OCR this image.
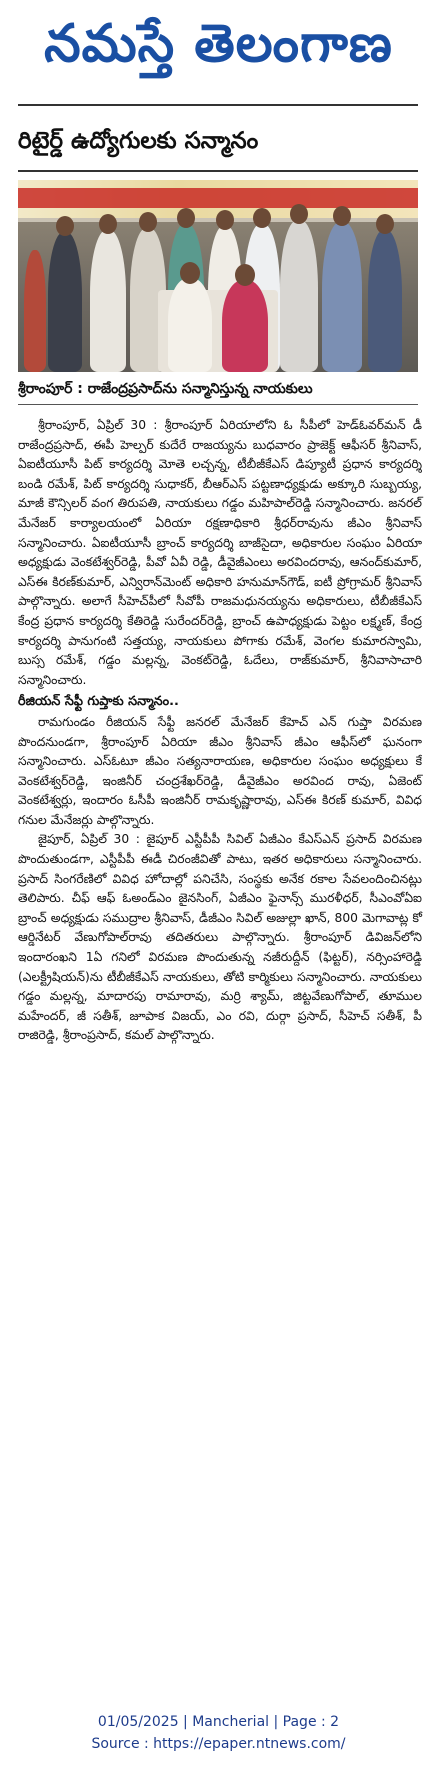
నమస్తే తెలంగాణ
రిటైర్డ్ ఉద్యోగులకు సన్మానం
శ్రీరాంపూర్ : రాజేంద్రప్రసాద్‌ను సన్మానిస్తున్న నాయకులు

శ్రీరాంపూర్, ఏప్రిల్ 30 : శ్రీరాంపూర్ ఏరియాలోని ఓ సీపీలో హెడ్‌ఓవర్‌మన్ డీ రాజేంద్రప్రసాద్, ఈపీ హెల్పర్ కుదేరే రాజయ్యను బుధవారం ప్రాజెక్ట్ ఆఫీసర్ శ్రీనివాస్, ఏఐటీయూసీ పిట్ కార్యదర్శి మోతె లచ్చన్న, టీబీజీకేఎస్ డిప్యూటీ ప్రధాన కార్యదర్శి బండి రమేశ్, పిట్ కార్యదర్శి సుధాకర్, బీఆర్‌ఎస్ పట్టణాధ్యక్షుడు అక్కూరి సుబ్బయ్య, మాజీ కౌన్సిలర్ వంగ తిరుపతి, నాయకులు గడ్డం మహిపాల్‌రెడ్డి సన్మానించారు. జనరల్ మేనేజర్ కార్యాలయంలో ఏరియా రక్షణాధికారి శ్రీధర్‌రావును జీఎం శ్రీనివాస్ సన్మానించారు. ఏఐటీయూసీ బ్రాంచ్ కార్యదర్శి బాజీసైదా, అధికారుల సంఘం ఏరియా అధ్యక్షుడు వెంకటేశ్వర్‌రెడ్డి, పీవో ఏవీ రెడ్డి, డీవైజీఎంలు అరవిందరావు, ఆనంద్‌కుమార్, ఎస్‌ఈ కిరణ్‌కుమార్, ఎన్విరాన్‌మెంట్ అధికారి హనుమాన్‌గౌడ్, ఐటీ ప్రోగ్రామర్ శ్రీనివాస్ పాల్గొన్నారు. అలాగే సీహెచ్‌పీలో సీవోపీ రాజమధునయ్యను అధికారులు, టీబీజీకేఎస్ కేంద్ర ప్రధాన కార్యదర్శి కేతిరెడ్డి సురేందర్‌రెడ్డి, బ్రాంచ్ ఉపాధ్యక్షుడు పెట్టం లక్ష్మణ్, కేంద్ర కార్యదర్శి పానుగంటి సత్తయ్య, నాయకులు పోగాకు రమేశ్, వెంగల కుమారస్వామి, బుస్స రమేశ్, గడ్డం మల్లన్న, వెంకట్‌రెడ్డి, ఓదేలు, రాజ్‌కుమార్, శ్రీనివాసాచారి సన్మానించారు.

రీజియన్ సేఫ్టీ గుప్తాకు సన్మానం..

రామగుండం రీజియన్ సేఫ్టీ జనరల్ మేనేజర్ కేహెచ్ ఎన్ గుప్తా విరమణ పొందనుండగా, శ్రీరాంపూర్ ఏరియా జీఎం శ్రీనివాస్ జీఎం ఆఫీస్‌లో ఘనంగా సన్మానించారు. ఎస్‌ఓటూ జీఎం సత్యనారాయణ, అధికారుల సంఘం అధ్యక్షులు కే వెంకటేశ్వర్‌రెడ్డి, ఇంజినీర్ చంద్రశేఖర్‌రెడ్డి, డీవైజీఎం అరవింద రావు, ఏజెంట్ వెంకటేశ్వర్లు, ఇందారం ఓసీపీ ఇంజినీర్ రామకృష్ణారావు, ఎస్‌ఈ కిరణ్ కుమార్, వివిధ గనుల మేనేజర్లు పాల్గొన్నారు.

జైపూర్, ఏప్రిల్ 30 : జైపూర్ ఎస్టీపీపీ సివిల్ ఏజీఎం కేఎస్‌ఎన్ ప్రసాద్ విరమణ పొందుతుండగా, ఎస్టీపీపీ ఈడీ చిరంజీవితో పాటు, ఇతర అధికారులు సన్మానించారు. ప్రసాద్ సింగరేణిలో వివిధ హోదాల్లో పనిచేసి, సంస్థకు అనేక రకాల సేవలందించినట్లు తెలిపారు. చీఫ్ ఆఫ్ ఓఅండ్‌ఎం జైనసింగ్, ఏజీఎం ఫైనాన్స్ మురళీధర్, సీఎంవోఏఐ బ్రాంచ్ అధ్యక్షుడు సముద్రాల శ్రీనివాస్, డీజీఎం సివిల్ అజుల్లా ఖాన్, 800 మెగావాట్ల కో ఆర్డినేటర్ వేణుగోపాల్‌రావు తదితరులు పాల్గొన్నారు. శ్రీరాంపూర్ డివిజన్‌లోని ఇందారంఖని 1ఏ గనిలో విరమణ పొందుతున్న నజీరుద్దీన్ (ఫిట్టర్), నర్సింహారెడ్డి (ఎలక్ట్రీషియన్)ను టీబీజీకేఎస్ నాయకులు, తోటి కార్మికులు సన్మానించారు. నాయకులు గడ్డం మల్లన్న, మాదారపు రామారావు, మర్రి శ్యామ్, జిట్టవేణుగోపాల్, తూముల మహేందర్, జీ సతీశ్, జూపాక విజయ్, ఎం రవి, దుర్గా ప్రసాద్, సీహెచ్ సతీశ్, పీ రాజిరెడ్డి, శ్రీరాంప్రసాద్, కమల్ పాల్గొన్నారు.

01/05/2025 | Mancherial | Page : 2
Source : https://epaper.ntnews.com/
